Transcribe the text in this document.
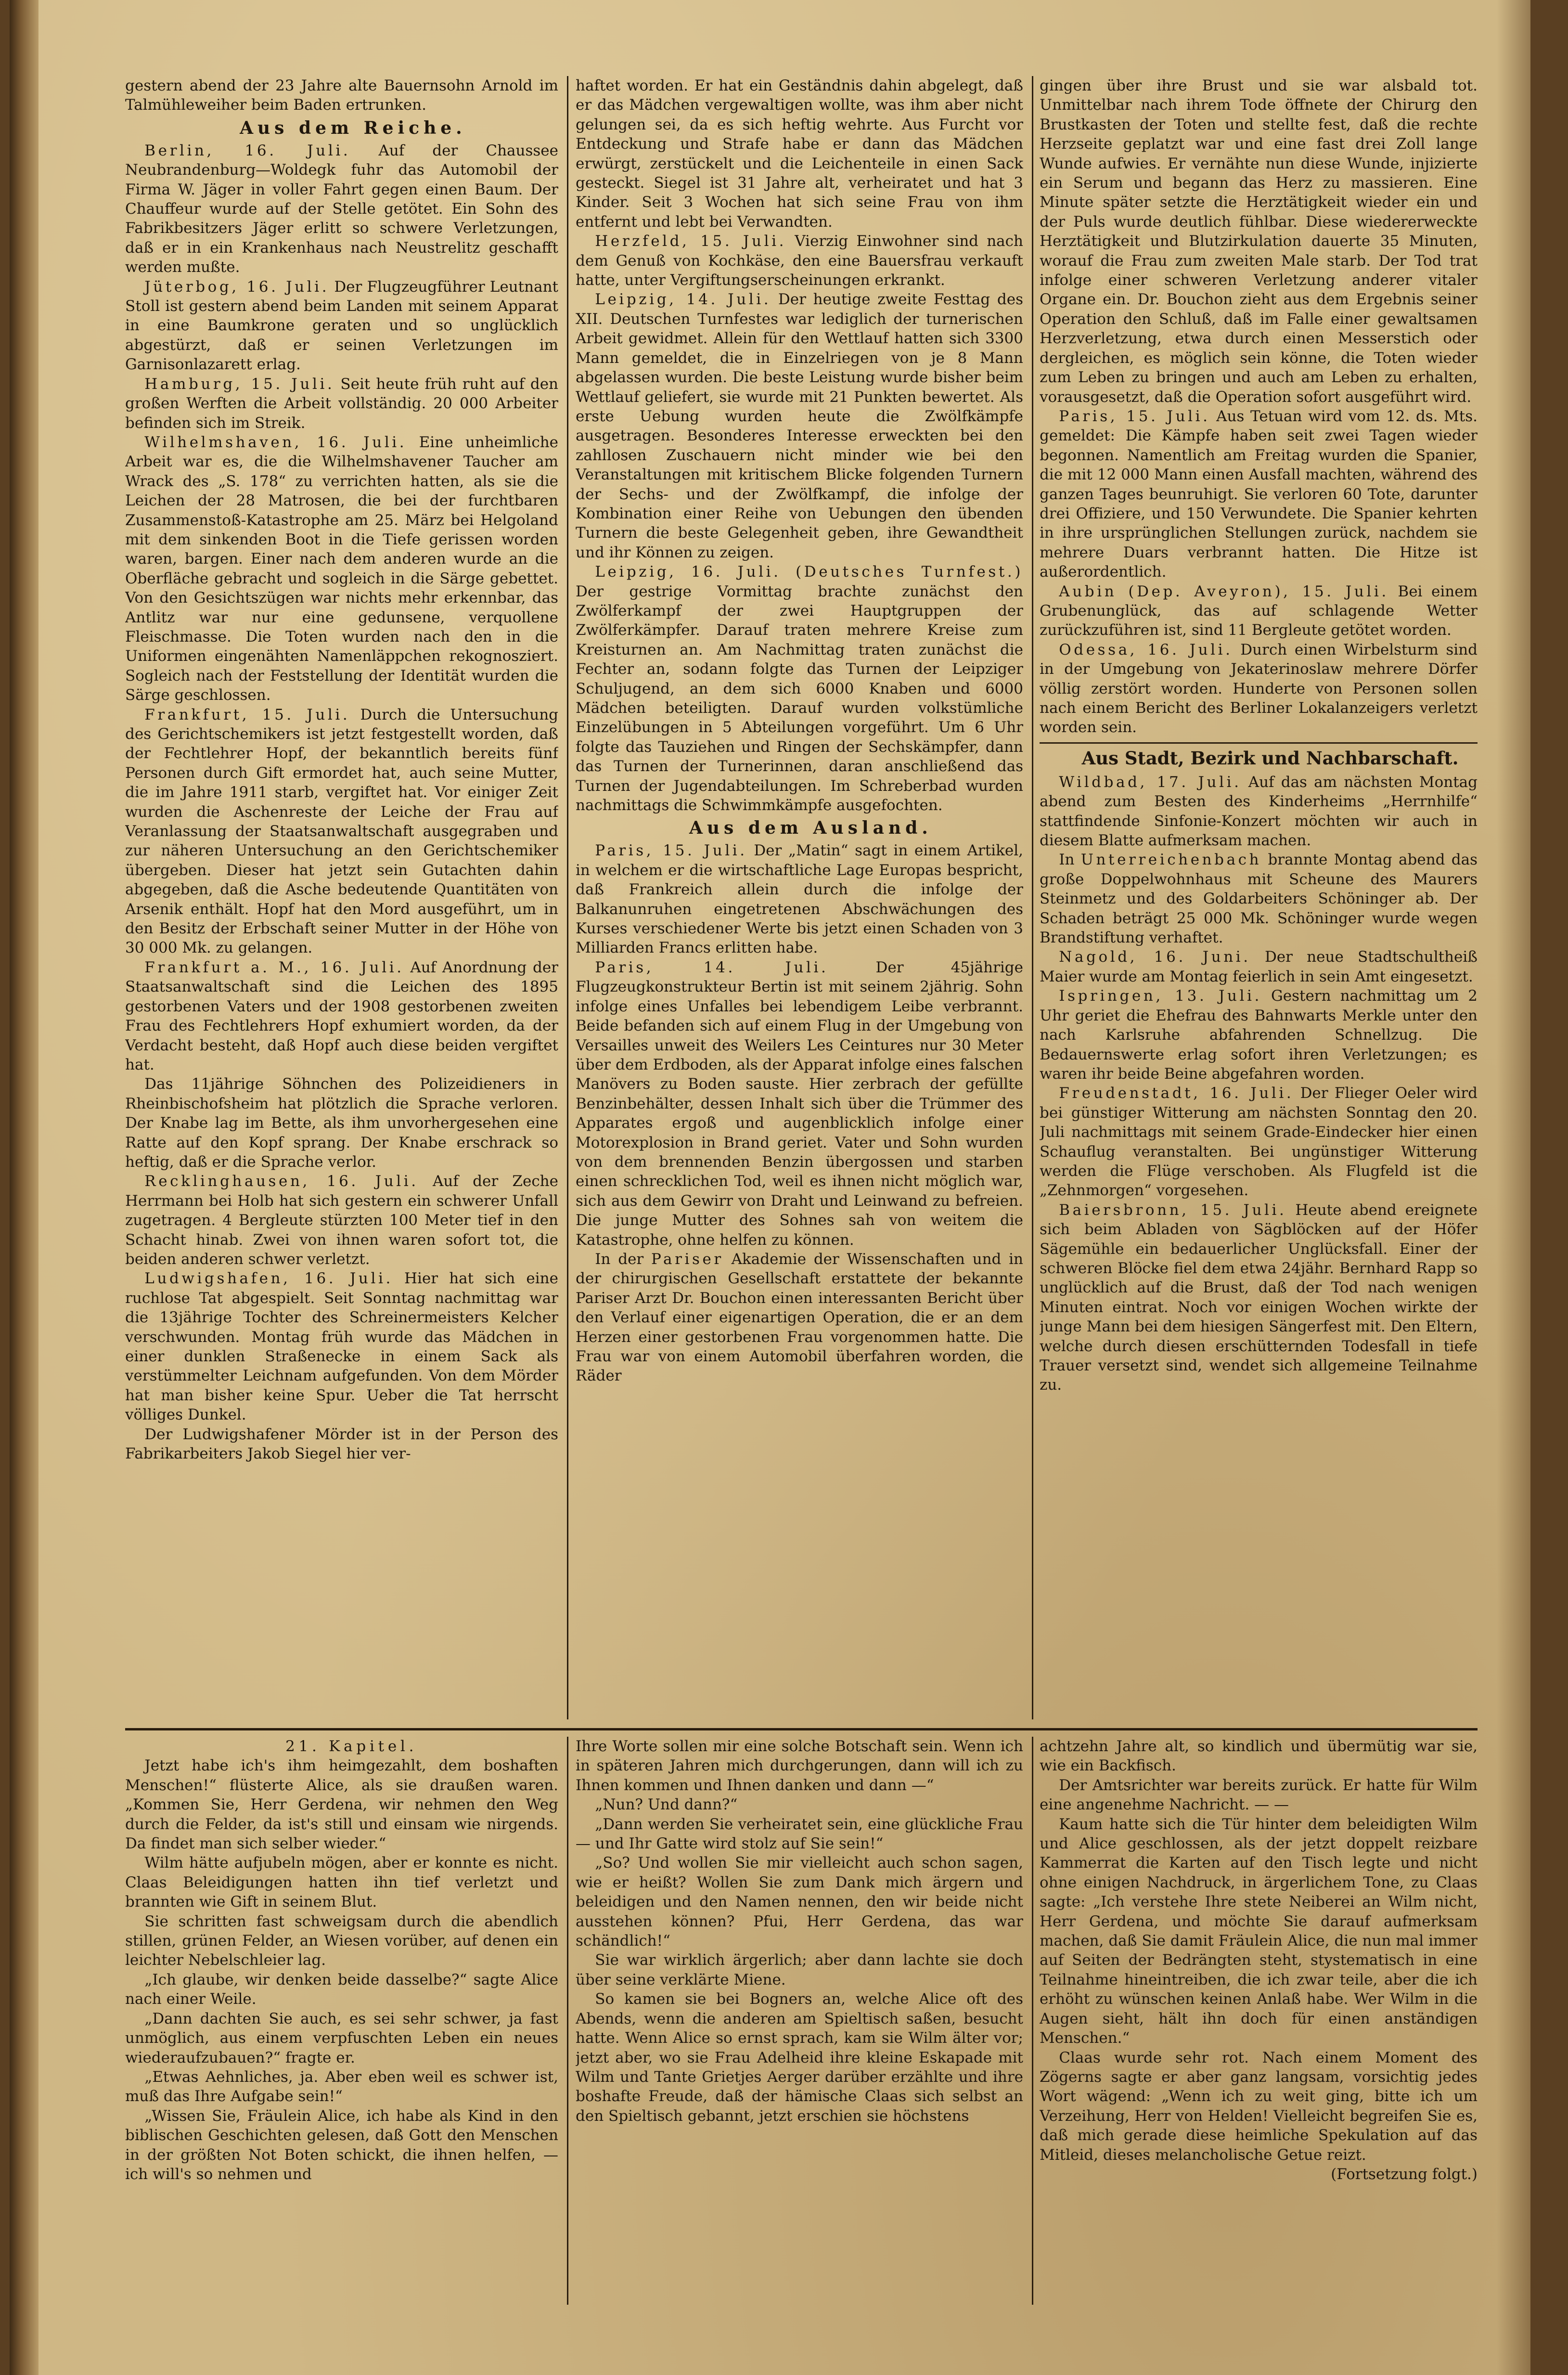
gestern abend der 23 Jahre alte Bauernsohn Arnold im Talmühleweiher beim Baden ertrunken.

Aus dem Reiche.

Berlin, 16. Juli. Auf der Chaussee Neubrandenburg—Woldegk fuhr das Automobil der Firma W. Jäger in voller Fahrt gegen einen Baum. Der Chauffeur wurde auf der Stelle getötet. Ein Sohn des Fabrikbesitzers Jäger erlitt so schwere Verletzungen, daß er in ein Krankenhaus nach Neustrelitz geschafft werden mußte.

Jüterbog, 16. Juli. Der Flugzeugführer Leutnant Stoll ist gestern abend beim Landen mit seinem Apparat in eine Baumkrone geraten und so unglücklich abgestürzt, daß er seinen Verletzungen im Garnisonlazarett erlag.

Hamburg, 15. Juli. Seit heute früh ruht auf den großen Werften die Arbeit vollständig. 20 000 Arbeiter befinden sich im Streik.

Wilhelmshaven, 16. Juli. Eine unheimliche Arbeit war es, die die Wilhelmshavener Taucher am Wrack des „S. 178“ zu verrichten hatten, als sie die Leichen der 28 Matrosen, die bei der furchtbaren Zusammenstoß-Katastrophe am 25. März bei Helgoland mit dem sinkenden Boot in die Tiefe gerissen worden waren, bargen. Einer nach dem anderen wurde an die Oberfläche gebracht und sogleich in die Särge gebettet. Von den Gesichtszügen war nichts mehr erkennbar, das Antlitz war nur eine gedunsene, verquollene Fleischmasse. Die Toten wurden nach den in die Uniformen eingenähten Namenläppchen rekognosziert. Sogleich nach der Feststellung der Identität wurden die Särge geschlossen.

Frankfurt, 15. Juli. Durch die Untersuchung des Gerichtschemikers ist jetzt festgestellt worden, daß der Fechtlehrer Hopf, der bekanntlich bereits fünf Personen durch Gift ermordet hat, auch seine Mutter, die im Jahre 1911 starb, vergiftet hat. Vor einiger Zeit wurden die Aschenreste der Leiche der Frau auf Veranlassung der Staatsanwaltschaft ausgegraben und zur näheren Untersuchung an den Gerichtschemiker übergeben. Dieser hat jetzt sein Gutachten dahin abgegeben, daß die Asche bedeutende Quantitäten von Arsenik enthält. Hopf hat den Mord ausgeführt, um in den Besitz der Erbschaft seiner Mutter in der Höhe von 30 000 Mk. zu gelangen.

Frankfurt a. M., 16. Juli. Auf Anordnung der Staatsanwaltschaft sind die Leichen des 1895 gestorbenen Vaters und der 1908 gestorbenen zweiten Frau des Fechtlehrers Hopf exhumiert worden, da der Verdacht besteht, daß Hopf auch diese beiden vergiftet hat.

Das 11jährige Söhnchen des Polizeidieners in Rheinbischofsheim hat plötzlich die Sprache verloren. Der Knabe lag im Bette, als ihm unvorhergesehen eine Ratte auf den Kopf sprang. Der Knabe erschrack so heftig, daß er die Sprache verlor.

Recklinghausen, 16. Juli. Auf der Zeche Herrmann bei Holb hat sich gestern ein schwerer Unfall zugetragen. 4 Bergleute stürzten 100 Meter tief in den Schacht hinab. Zwei von ihnen waren sofort tot, die beiden anderen schwer verletzt.

Ludwigshafen, 16. Juli. Hier hat sich eine ruchlose Tat abgespielt. Seit Sonntag nachmittag war die 13jährige Tochter des Schreinermeisters Kelcher verschwunden. Montag früh wurde das Mädchen in einer dunklen Straßenecke in einem Sack als verstümmelter Leichnam aufgefunden. Von dem Mörder hat man bisher keine Spur. Ueber die Tat herrscht völliges Dunkel.

Der Ludwigshafener Mörder ist in der Person des Fabrikarbeiters Jakob Siegel hier ver-

haftet worden. Er hat ein Geständnis dahin abgelegt, daß er das Mädchen vergewaltigen wollte, was ihm aber nicht gelungen sei, da es sich heftig wehrte. Aus Furcht vor Entdeckung und Strafe habe er dann das Mädchen erwürgt, zerstückelt und die Leichenteile in einen Sack gesteckt. Siegel ist 31 Jahre alt, verheiratet und hat 3 Kinder. Seit 3 Wochen hat sich seine Frau von ihm entfernt und lebt bei Verwandten.

Herzfeld, 15. Juli. Vierzig Einwohner sind nach dem Genuß von Kochkäse, den eine Bauersfrau verkauft hatte, unter Vergiftungserscheinungen erkrankt.

Leipzig, 14. Juli. Der heutige zweite Festtag des XII. Deutschen Turnfestes war lediglich der turnerischen Arbeit gewidmet. Allein für den Wettlauf hatten sich 3300 Mann gemeldet, die in Einzelriegen von je 8 Mann abgelassen wurden. Die beste Leistung wurde bisher beim Wettlauf geliefert, sie wurde mit 21 Punkten bewertet. Als erste Uebung wurden heute die Zwölfkämpfe ausgetragen. Besonderes Interesse erweckten bei den zahllosen Zuschauern nicht minder wie bei den Veranstaltungen mit kritischem Blicke folgenden Turnern der Sechs- und der Zwölfkampf, die infolge der Kombination einer Reihe von Uebungen den übenden Turnern die beste Gelegenheit geben, ihre Gewandtheit und ihr Können zu zeigen.

Leipzig, 16. Juli. (Deutsches Turnfest.) Der gestrige Vormittag brachte zunächst den Zwölferkampf der zwei Hauptgruppen der Zwölferkämpfer. Darauf traten mehrere Kreise zum Kreisturnen an. Am Nachmittag traten zunächst die Fechter an, sodann folgte das Turnen der Leipziger Schuljugend, an dem sich 6000 Knaben und 6000 Mädchen beteiligten. Darauf wurden volkstümliche Einzelübungen in 5 Abteilungen vorgeführt. Um 6 Uhr folgte das Tauziehen und Ringen der Sechskämpfer, dann das Turnen der Turnerinnen, daran anschließend das Turnen der Jugendabteilungen. Im Schreberbad wurden nachmittags die Schwimmkämpfe ausgefochten.

Aus dem Ausland.

Paris, 15. Juli. Der „Matin“ sagt in einem Artikel, in welchem er die wirtschaftliche Lage Europas bespricht, daß Frankreich allein durch die infolge der Balkanunruhen eingetretenen Abschwächungen des Kurses verschiedener Werte bis jetzt einen Schaden von 3 Milliarden Francs erlitten habe.

Paris, 14. Juli.	Der 45jährige Flugzeugkonstrukteur Bertin ist mit seinem 2jährig. Sohn infolge eines Unfalles bei lebendigem Leibe verbrannt. Beide befanden sich auf einem Flug in der Umgebung von Versailles unweit des Weilers Les Ceintures nur 30 Meter über dem Erdboden, als der Apparat infolge eines falschen Manövers zu Boden sauste. Hier zerbrach der gefüllte Benzinbehälter, dessen Inhalt sich über die Trümmer des Apparates ergoß und augenblicklich infolge einer Motorexplosion in Brand geriet. Vater und Sohn wurden von dem brennenden Benzin übergossen und starben einen schrecklichen Tod, weil es ihnen nicht möglich war, sich aus dem Gewirr von Draht und Leinwand zu befreien. Die junge Mutter des Sohnes sah von weitem die Katastrophe, ohne helfen zu können.

In der Pariser Akademie der Wissenschaften und in der chirurgischen Gesellschaft erstattete der bekannte Pariser Arzt Dr. Bouchon einen interessanten Bericht über den Verlauf einer eigenartigen Operation, die er an dem Herzen einer gestorbenen Frau vorgenommen hatte. Die Frau war von einem Automobil überfahren worden, die Räder

gingen über ihre Brust und sie war alsbald tot. Unmittelbar nach ihrem Tode öffnete der Chirurg den Brustkasten der Toten und stellte fest, daß die rechte Herzseite geplatzt war und eine fast drei Zoll lange Wunde aufwies. Er vernähte nun diese Wunde, injizierte ein Serum und begann das Herz zu massieren. Eine Minute später setzte die Herztätigkeit wieder ein und der Puls wurde deutlich fühlbar. Diese wiedererweckte Herztätigkeit und Blutzirkulation dauerte 35 Minuten, worauf die Frau zum zweiten Male starb. Der Tod trat infolge einer schweren Verletzung anderer vitaler Organe ein. Dr. Bouchon zieht aus dem Ergebnis seiner Operation den Schluß, daß im Falle einer gewaltsamen Herzverletzung, etwa durch einen Messerstich oder dergleichen, es möglich sein könne, die Toten wieder zum Leben zu bringen und auch am Leben zu erhalten, vorausgesetzt, daß die Operation sofort ausgeführt wird.

Paris, 15. Juli. Aus Tetuan wird vom 12. ds. Mts. gemeldet: Die Kämpfe haben seit zwei Tagen wieder begonnen. Namentlich am Freitag wurden die Spanier, die mit 12 000 Mann einen Ausfall machten, während des ganzen Tages beunruhigt. Sie verloren 60 Tote, darunter drei Offiziere, und 150 Verwundete. Die Spanier kehrten in ihre ursprünglichen Stellungen zurück, nachdem sie mehrere Duars verbrannt hatten. Die Hitze ist außerordentlich.

Aubin (Dep. Aveyron), 15. Juli. Bei einem Grubenunglück, das auf schlagende Wetter zurückzuführen ist, sind 11 Bergleute getötet worden.

Odessa, 16. Juli. Durch einen Wirbelsturm sind in der Umgebung von Jekaterinoslaw mehrere Dörfer völlig zerstört worden. Hunderte von Personen sollen nach einem Bericht des Berliner Lokalanzeigers verletzt worden sein.

Aus Stadt, Bezirk und Nachbarschaft.

Wildbad, 17. Juli. Auf das am nächsten Montag abend zum Besten des Kinderheims „Herrnhilfe“ stattfindende Sinfonie-Konzert möchten wir auch in diesem Blatte aufmerksam machen.

In Unterreichenbach brannte Montag abend das große Doppelwohnhaus mit Scheune des Maurers Steinmetz und des Goldarbeiters Schöninger ab. Der Schaden beträgt 25 000 Mk. Schöninger wurde wegen Brandstiftung verhaftet.

Nagold, 16. Juni. Der neue Stadtschultheiß Maier wurde am Montag feierlich in sein Amt eingesetzt.

Ispringen, 13. Juli. Gestern nachmittag um 2 Uhr geriet die Ehefrau des Bahnwarts Merkle unter den nach Karlsruhe abfahrenden Schnellzug. Die Bedauernswerte erlag sofort ihren Verletzungen; es waren ihr beide Beine abgefahren worden.

Freudenstadt, 16. Juli. Der Flieger Oeler wird bei günstiger Witterung am nächsten Sonntag den 20. Juli nachmittags mit seinem Grade-Eindecker hier einen Schauflug veranstalten. Bei ungünstiger Witterung werden die Flüge verschoben. Als Flugfeld ist die „Zehnmorgen“ vorgesehen.

Baiersbronn, 15. Juli. Heute abend ereignete sich beim Abladen von Sägblöcken auf der Höfer Sägemühle ein bedauerlicher Unglücksfall. Einer der schweren Blöcke fiel dem etwa 24jähr. Bernhard Rapp so unglücklich auf die Brust, daß der Tod nach wenigen Minuten eintrat. Noch vor einigen Wochen wirkte der junge Mann bei dem hiesigen Sängerfest mit. Den Eltern, welche durch diesen erschütternden Todesfall in tiefe Trauer versetzt sind, wendet sich allgemeine Teilnahme zu.

21. Kapitel.

Jetzt habe ich's ihm heimgezahlt, dem boshaften Menschen!“ flüsterte Alice, als sie draußen waren. „Kommen Sie, Herr Gerdena, wir nehmen den Weg durch die Felder, da ist's still und einsam wie nirgends. Da findet man sich selber wieder.“

Wilm hätte aufjubeln mögen, aber er konnte es nicht. Claas Beleidigungen hatten ihn tief verletzt und brannten wie Gift in seinem Blut.

Sie schritten fast schweigsam durch die abendlich stillen, grünen Felder, an Wiesen vorüber, auf denen ein leichter Nebelschleier lag.

„Ich glaube, wir denken beide dasselbe?“ sagte Alice nach einer Weile.

„Dann dachten Sie auch, es sei sehr schwer, ja fast unmöglich, aus einem verpfuschten Leben ein neues wiederaufzubauen?“ fragte er.

„Etwas Aehnliches, ja. Aber eben weil es schwer ist, muß das Ihre Aufgabe sein!“

„Wissen Sie, Fräulein Alice, ich habe als Kind in den biblischen Geschichten gelesen, daß Gott den Menschen in der größten Not Boten schickt, die ihnen helfen, — ich will's so nehmen und

Ihre Worte sollen mir eine solche Botschaft sein. Wenn ich in späteren Jahren mich durchgerungen, dann will ich zu Ihnen kommen und Ihnen danken und dann —“

„Nun? Und dann?“

„Dann werden Sie verheiratet sein, eine glückliche Frau — und Ihr Gatte wird stolz auf Sie sein!“

„So? Und wollen Sie mir vielleicht auch schon sagen, wie er heißt? Wollen Sie zum Dank mich ärgern und beleidigen und den Namen nennen, den wir beide nicht ausstehen können? Pfui, Herr Gerdena, das war schändlich!“

Sie war wirklich ärgerlich; aber dann lachte sie doch über seine verklärte Miene.

So kamen sie bei Bogners an, welche Alice oft des Abends, wenn die anderen am Spieltisch saßen, besucht hatte. Wenn Alice so ernst sprach, kam sie Wilm älter vor; jetzt aber, wo sie Frau Adelheid ihre kleine Eskapade mit Wilm und Tante Grietjes Aerger darüber erzählte und ihre boshafte Freude, daß der hämische Claas sich selbst an den Spieltisch gebannt, jetzt erschien sie höchstens

achtzehn Jahre alt, so kindlich und übermütig war sie, wie ein Backfisch.

Der Amtsrichter war bereits zurück. Er hatte für Wilm eine angenehme Nachricht. — —

Kaum hatte sich die Tür hinter dem beleidigten Wilm und Alice geschlossen, als der jetzt doppelt reizbare Kammerrat die Karten auf den Tisch legte und nicht ohne einigen Nachdruck, in ärgerlichem Tone, zu Claas sagte: „Ich verstehe Ihre stete Neiberei an Wilm nicht, Herr Gerdena, und möchte Sie darauf aufmerksam machen, daß Sie damit Fräulein Alice, die nun mal immer auf Seiten der Bedrängten steht, stystematisch in eine Teilnahme hineintreiben, die ich zwar teile, aber die ich erhöht zu wünschen keinen Anlaß habe. Wer Wilm in die Augen sieht, hält ihn doch für einen anständigen Menschen.“

Claas wurde sehr rot. Nach einem Moment des Zögerns sagte er aber ganz langsam, vorsichtig jedes Wort wägend: „Wenn ich zu weit ging, bitte ich um Verzeihung, Herr von Helden! Vielleicht begreifen Sie es, daß mich gerade diese heimliche Spekulation auf das Mitleid, dieses melancholische Getue reizt.

(Fortsetzung folgt.)
